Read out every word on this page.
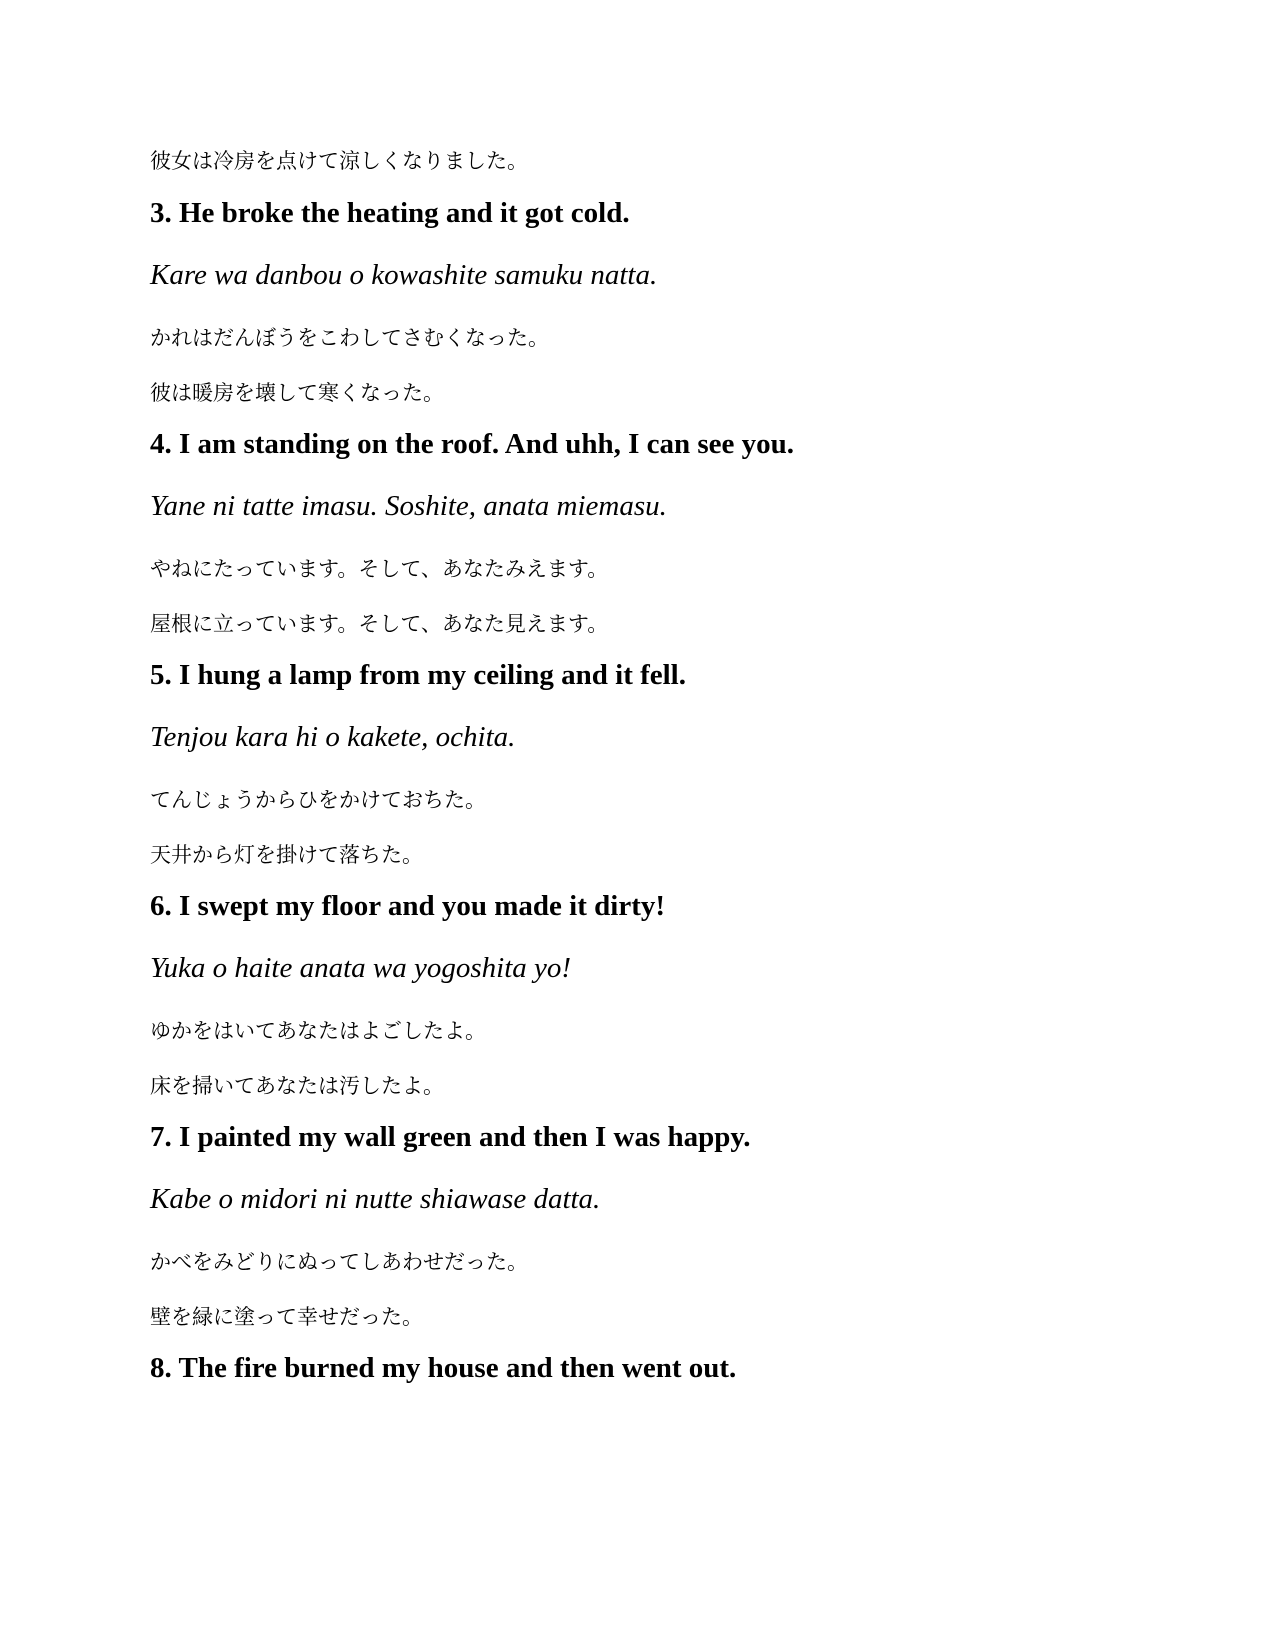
彼女は冷房を点けて涼しくなりました。

3. He broke the heating and it got cold.

Kare wa danbou o kowashite samuku natta.

かれはだんぼうをこわしてさむくなった。

彼は暖房を壊して寒くなった。

4. I am standing on the roof. And uhh, I can see you.

Yane ni tatte imasu. Soshite, anata miemasu.

やねにたっています。そして、あなたみえます。

屋根に立っています。そして、あなた見えます。

5. I hung a lamp from my ceiling and it fell.

Tenjou kara hi o kakete, ochita.

てんじょうからひをかけておちた。

天井から灯を掛けて落ちた。

6. I swept my floor and you made it dirty!

Yuka o haite anata wa yogoshita yo!

ゆかをはいてあなたはよごしたよ。

床を掃いてあなたは汚したよ。

7. I painted my wall green and then I was happy.

Kabe o midori ni nutte shiawase datta.

かべをみどりにぬってしあわせだった。

壁を緑に塗って幸せだった。

8. The fire burned my house and then went out.
